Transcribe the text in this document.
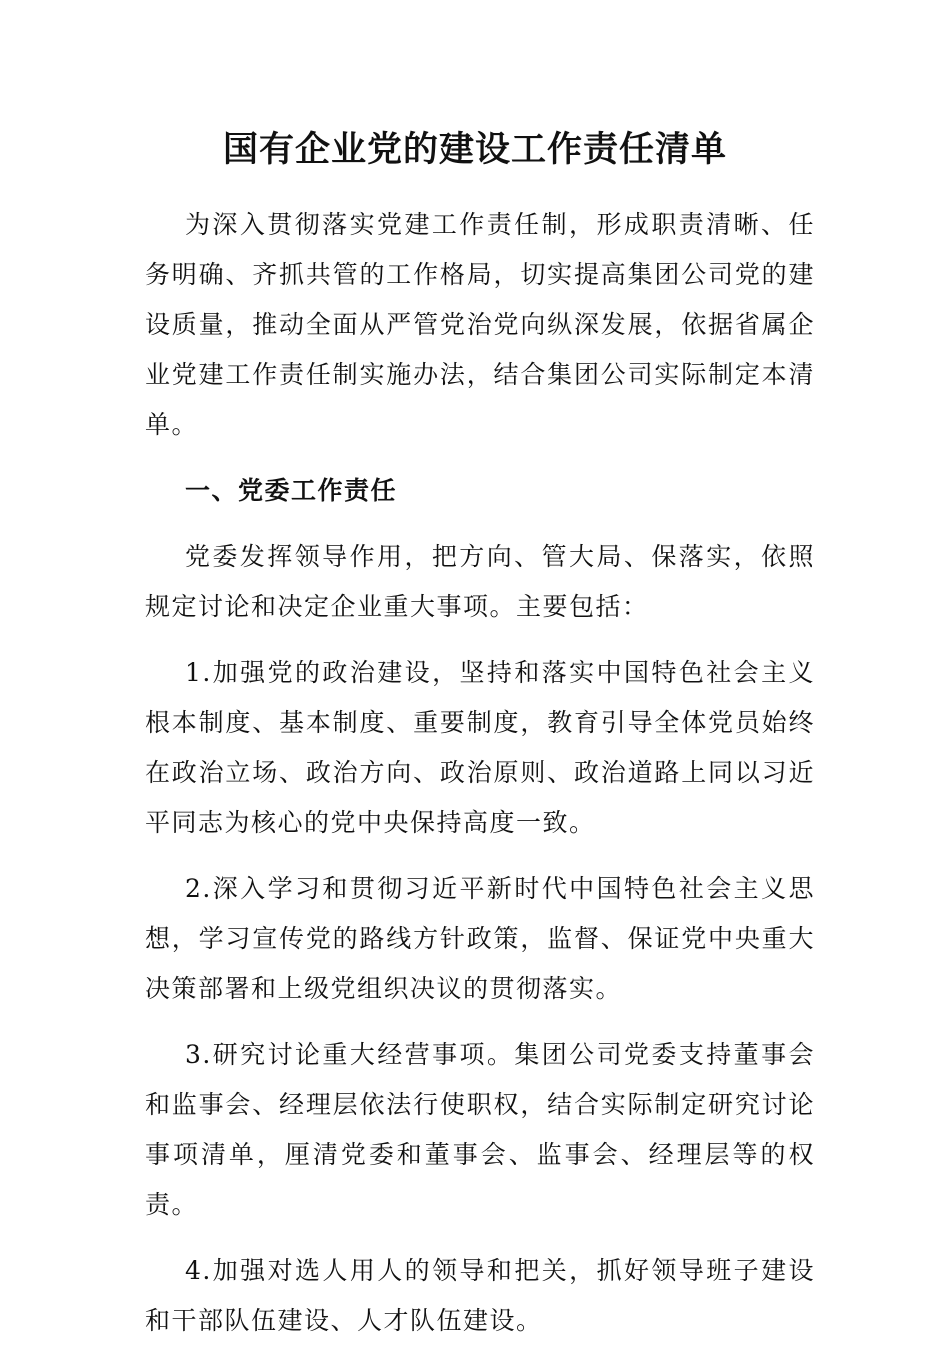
国有企业党的建设工作责任清单

为深入贯彻落实党建工作责任制，形成职责清晰、任务明确、齐抓共管的工作格局，切实提高集团公司党的建设质量，推动全面从严管党治党向纵深发展，依据省属企业党建工作责任制实施办法，结合集团公司实际制定本清单。

一、党委工作责任

党委发挥领导作用，把方向、管大局、保落实，依照规定讨论和决定企业重大事项。主要包括：

1.加强党的政治建设，坚持和落实中国特色社会主义根本制度、基本制度、重要制度，教育引导全体党员始终在政治立场、政治方向、政治原则、政治道路上同以习近平同志为核心的党中央保持高度一致。

2.深入学习和贯彻习近平新时代中国特色社会主义思想，学习宣传党的路线方针政策，监督、保证党中央重大决策部署和上级党组织决议的贯彻落实。

3.研究讨论重大经营事项。集团公司党委支持董事会和监事会、经理层依法行使职权，结合实际制定研究讨论事项清单，厘清党委和董事会、监事会、经理层等的权责。

4.加强对选人用人的领导和把关，抓好领导班子建设和干部队伍建设、人才队伍建设。
